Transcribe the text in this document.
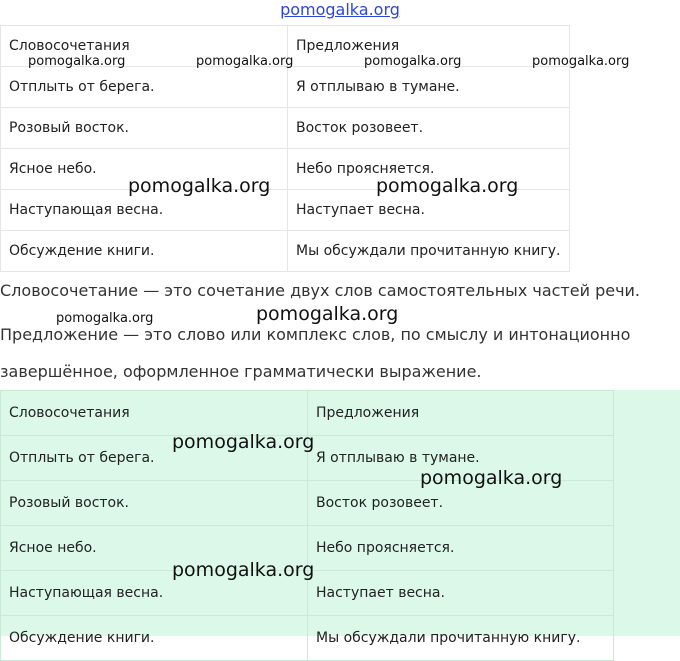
pomogalka.org
Словосочетания	Предложения
Отплыть от берега.	Я отплываю в тумане.
Розовый восток.	Восток розовеет.
Ясное небо.	Небо проясняется.
Наступающая весна.	Наступает весна.
Обсуждение книги.	Мы обсуждали прочитанную книгу.
Словосочетание — это сочетание двух слов самостоятельных частей речи.
Предложение — это слово или комплекс слов, по смыслу и интонационно
завершённое, оформленное грамматически выражение.
Словосочетания	Предложения
Отплыть от берега.	Я отплываю в тумане.
Розовый восток.	Восток розовеет.
Ясное небо.	Небо проясняется.
Наступающая весна.	Наступает весна.
Обсуждение книги.	Мы обсуждали прочитанную книгу.
pomogalka.org	pomogalka.org	pomogalka.org	pomogalka.org
pomogalka.org	pomogalka.org
pomogalka.org	pomogalka.org
pomogalka.org
pomogalka.org
pomogalka.org
